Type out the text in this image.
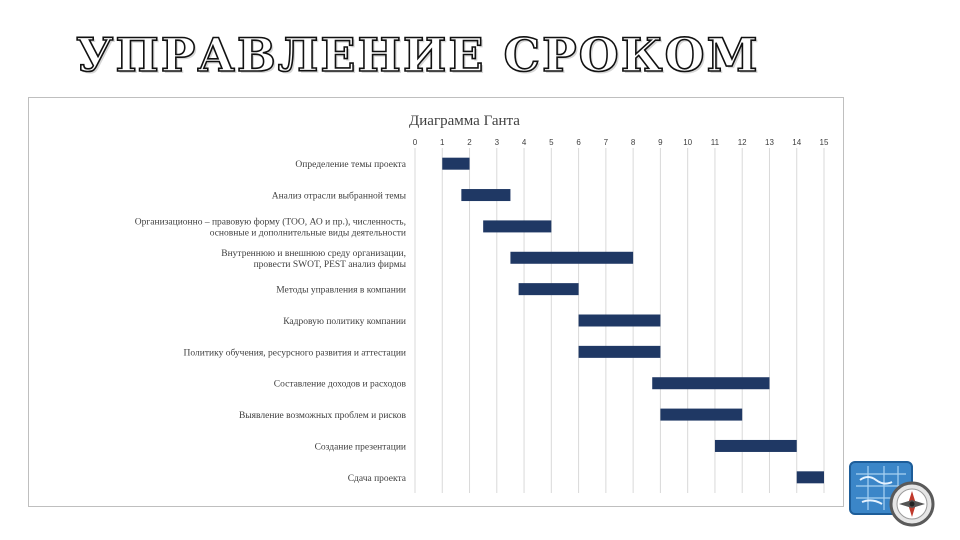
УПРАВЛЕНИЕ СРОКОМ
Диаграмма Ганта
0	1	2	3	4	5	6	7	8	9	10 11 12 13 14 15
Определение темы проекта
Анализ отрасли выбранной темы
Организационно – правовую форму (ТОО, АО и пр.), численность,
основные и дополнительные виды деятельности
Внутреннюю и внешнюю среду организации,
провести SWOT, PEST анализ фирмы
Методы управления в компании
Кадровую политику компании
Политику обучения, ресурсного развития и аттестации
Составление доходов и расходов
Выявление возможных проблем и рисков
Создание презентации
Сдача проекта
